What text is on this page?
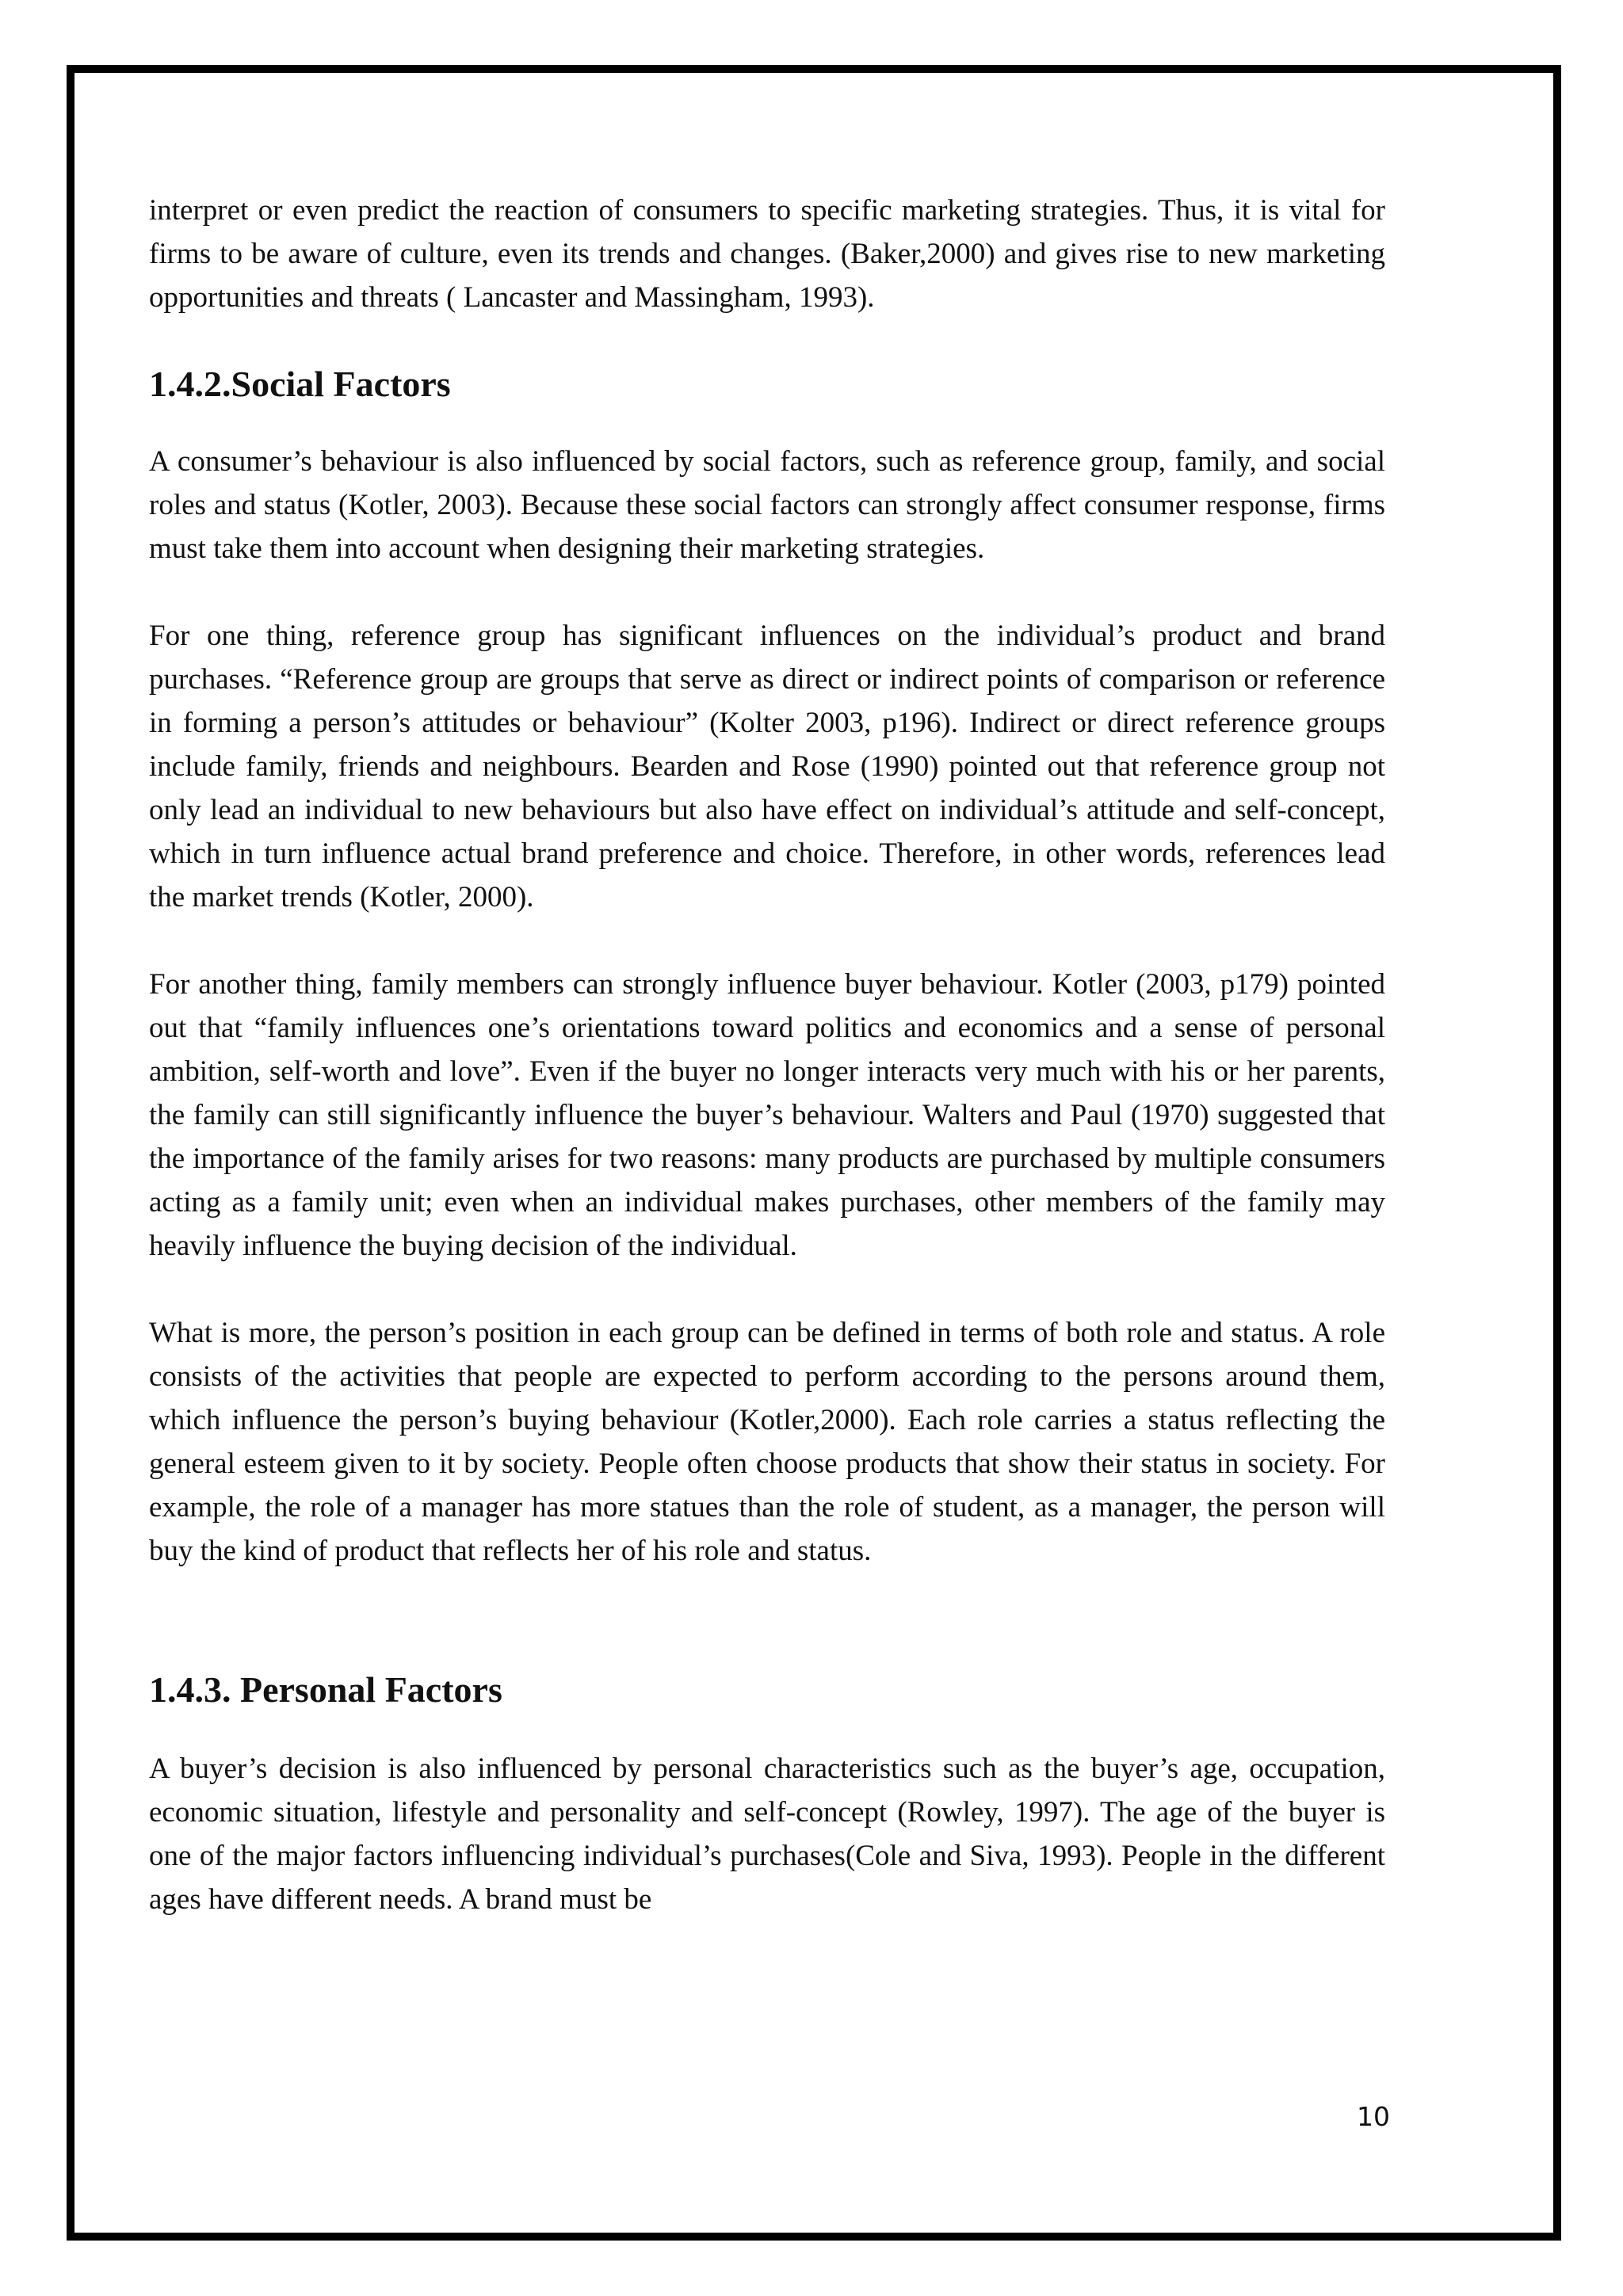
interpret or even predict the reaction of consumers to specific marketing strategies. Thus, it is vital for firms to be aware of culture, even its trends and changes. (Baker,2000) and gives rise to new marketing opportunities and threats ( Lancaster and Massingham, 1993).

1.4.2.Social Factors

A consumer’s behaviour is also influenced by social factors, such as reference group, family, and social roles and status (Kotler, 2003). Because these social factors can strongly affect consumer response, firms must take them into account when designing their marketing strategies.

For one thing, reference group has significant influences on the individual’s product and brand purchases. “Reference group are groups that serve as direct or indirect points of comparison or reference in forming a person’s attitudes or behaviour” (Kolter 2003, p196). Indirect or direct reference groups include family, friends and neighbours. Bearden and Rose (1990) pointed out that reference group not only lead an individual to new behaviours but also have effect on individual’s attitude and self-concept, which in turn influence actual brand preference and choice. Therefore, in other words, references lead the market trends (Kotler, 2000).

For another thing, family members can strongly influence buyer behaviour. Kotler (2003, p179) pointed out that “family influences one’s orientations toward politics and economics and a sense of personal ambition, self-worth and love”. Even if the buyer no longer interacts very much with his or her parents, the family can still significantly influence the buyer’s behaviour. Walters and Paul (1970) suggested that the importance of the family arises for two reasons: many products are purchased by multiple consumers acting as a family unit; even when an individual makes purchases, other members of the family may heavily influence the buying decision of the individual.

What is more, the person’s position in each group can be defined in terms of both role and status. A role consists of the activities that people are expected to perform according to the persons around them, which influence the person’s buying behaviour (Kotler,2000). Each role carries a status reflecting the general esteem given to it by society. People often choose products that show their status in society. For example, the role of a manager has more statues than the role of student, as a manager, the person will buy the kind of product that reflects her of his role and status.

1.4.3. Personal Factors

A buyer’s decision is also influenced by personal characteristics such as the buyer’s age, occupation, economic situation, lifestyle and personality and self-concept (Rowley, 1997). The age of the buyer is one of the major factors influencing individual’s purchases(Cole and Siva, 1993). People in the different ages have different needs. A brand must be

10
